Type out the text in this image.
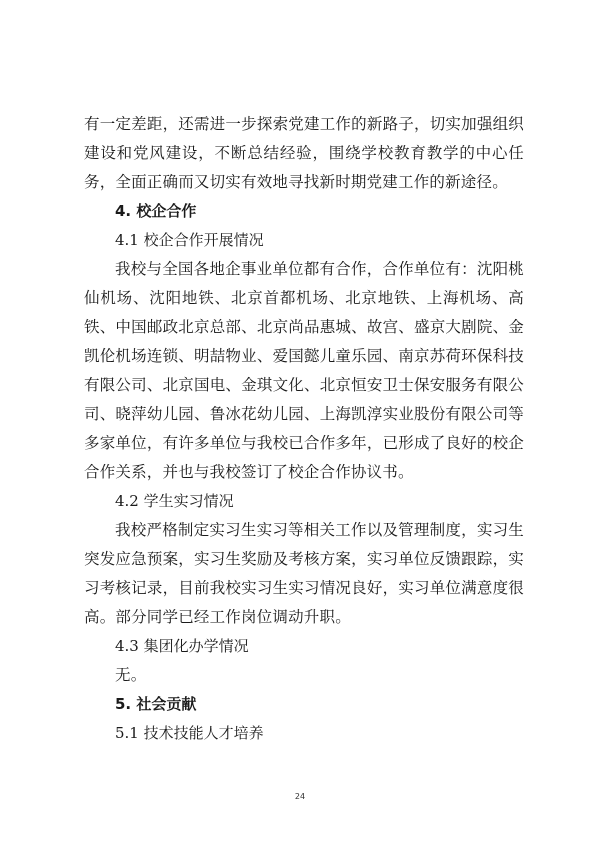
有一定差距，还需进一步探索党建工作的新路子，切实加强组织建设和党风建设，不断总结经验，围绕学校教育教学的中心任务，全面正确而又切实有效地寻找新时期党建工作的新途径。

4. 校企合作

4.1 校企合作开展情况

我校与全国各地企事业单位都有合作，合作单位有：沈阳桃仙机场、沈阳地铁、北京首都机场、北京地铁、上海机场、高铁、中国邮政北京总部、北京尚品惠城、故宫、盛京大剧院、金凯伦机场连锁、明喆物业、爱国懿儿童乐园、南京苏荷环保科技有限公司、北京国电、金琪文化、北京恒安卫士保安服务有限公司、晓萍幼儿园、鲁冰花幼儿园、上海凯淳实业股份有限公司等多家单位，有许多单位与我校已合作多年，已形成了良好的校企合作关系，并也与我校签订了校企合作协议书。

4.2 学生实习情况

我校严格制定实习生实习等相关工作以及管理制度，实习生突发应急预案，实习生奖励及考核方案，实习单位反馈跟踪，实习考核记录，目前我校实习生实习情况良好，实习单位满意度很高。部分同学已经工作岗位调动升职。

4.3 集团化办学情况

无。

5. 社会贡献

5.1 技术技能人才培养

24
